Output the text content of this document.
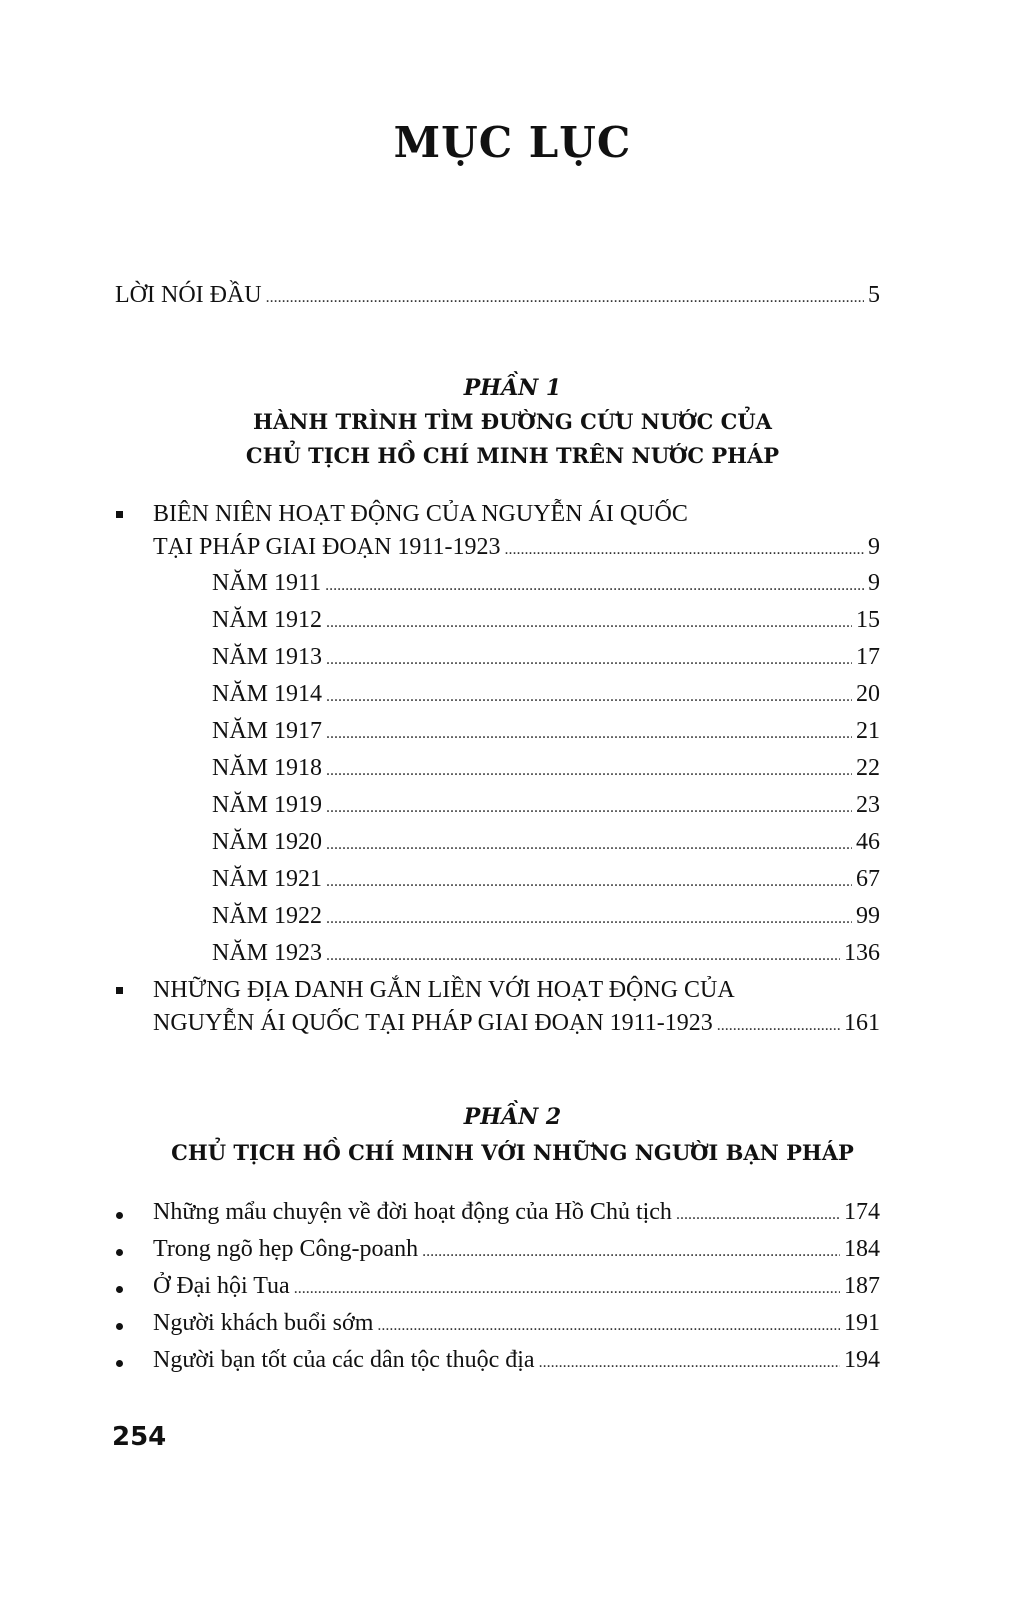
MỤC LỤC
LỜI NÓI ĐẦU .....	5
PHẦN 1
HÀNH TRÌNH TÌM ĐƯỜNG CỨU NƯỚC CỦA
CHỦ TỊCH HỒ CHÍ MINH TRÊN NƯỚC PHÁP
BIÊN NIÊN HOẠT ĐỘNG CỦA NGUYỄN ÁI QUỐC
TẠI PHÁP GIAI ĐOẠN 1911-1923 .....	9
NĂM 1911 .....	9
NĂM 1912 .....	15
NĂM 1913 .....	17
NĂM 1914 .....	20
NĂM 1917 .....	21
NĂM 1918 .....	22
NĂM 1919 .....	23
NĂM 1920 .....	46
NĂM 1921 .....	67
NĂM 1922 .....	99
NĂM 1923 .....	136
NHỮNG ĐỊA DANH GẮN LIỀN VỚI HOẠT ĐỘNG CỦA
NGUYỄN ÁI QUỐC TẠI PHÁP GIAI ĐOẠN 1911-1923 .....	161
PHẦN 2
CHỦ TỊCH HỒ CHÍ MINH VỚI NHỮNG NGƯỜI BẠN PHÁP
Những mẩu chuyện về đời hoạt động của Hồ Chủ tịch .....	174
Trong ngõ hẹp Công-poanh .....	184
Ở Đại hội Tua .....	187
Người khách buổi sớm .....	191
Người bạn tốt của các dân tộc thuộc địa .....	194
254
